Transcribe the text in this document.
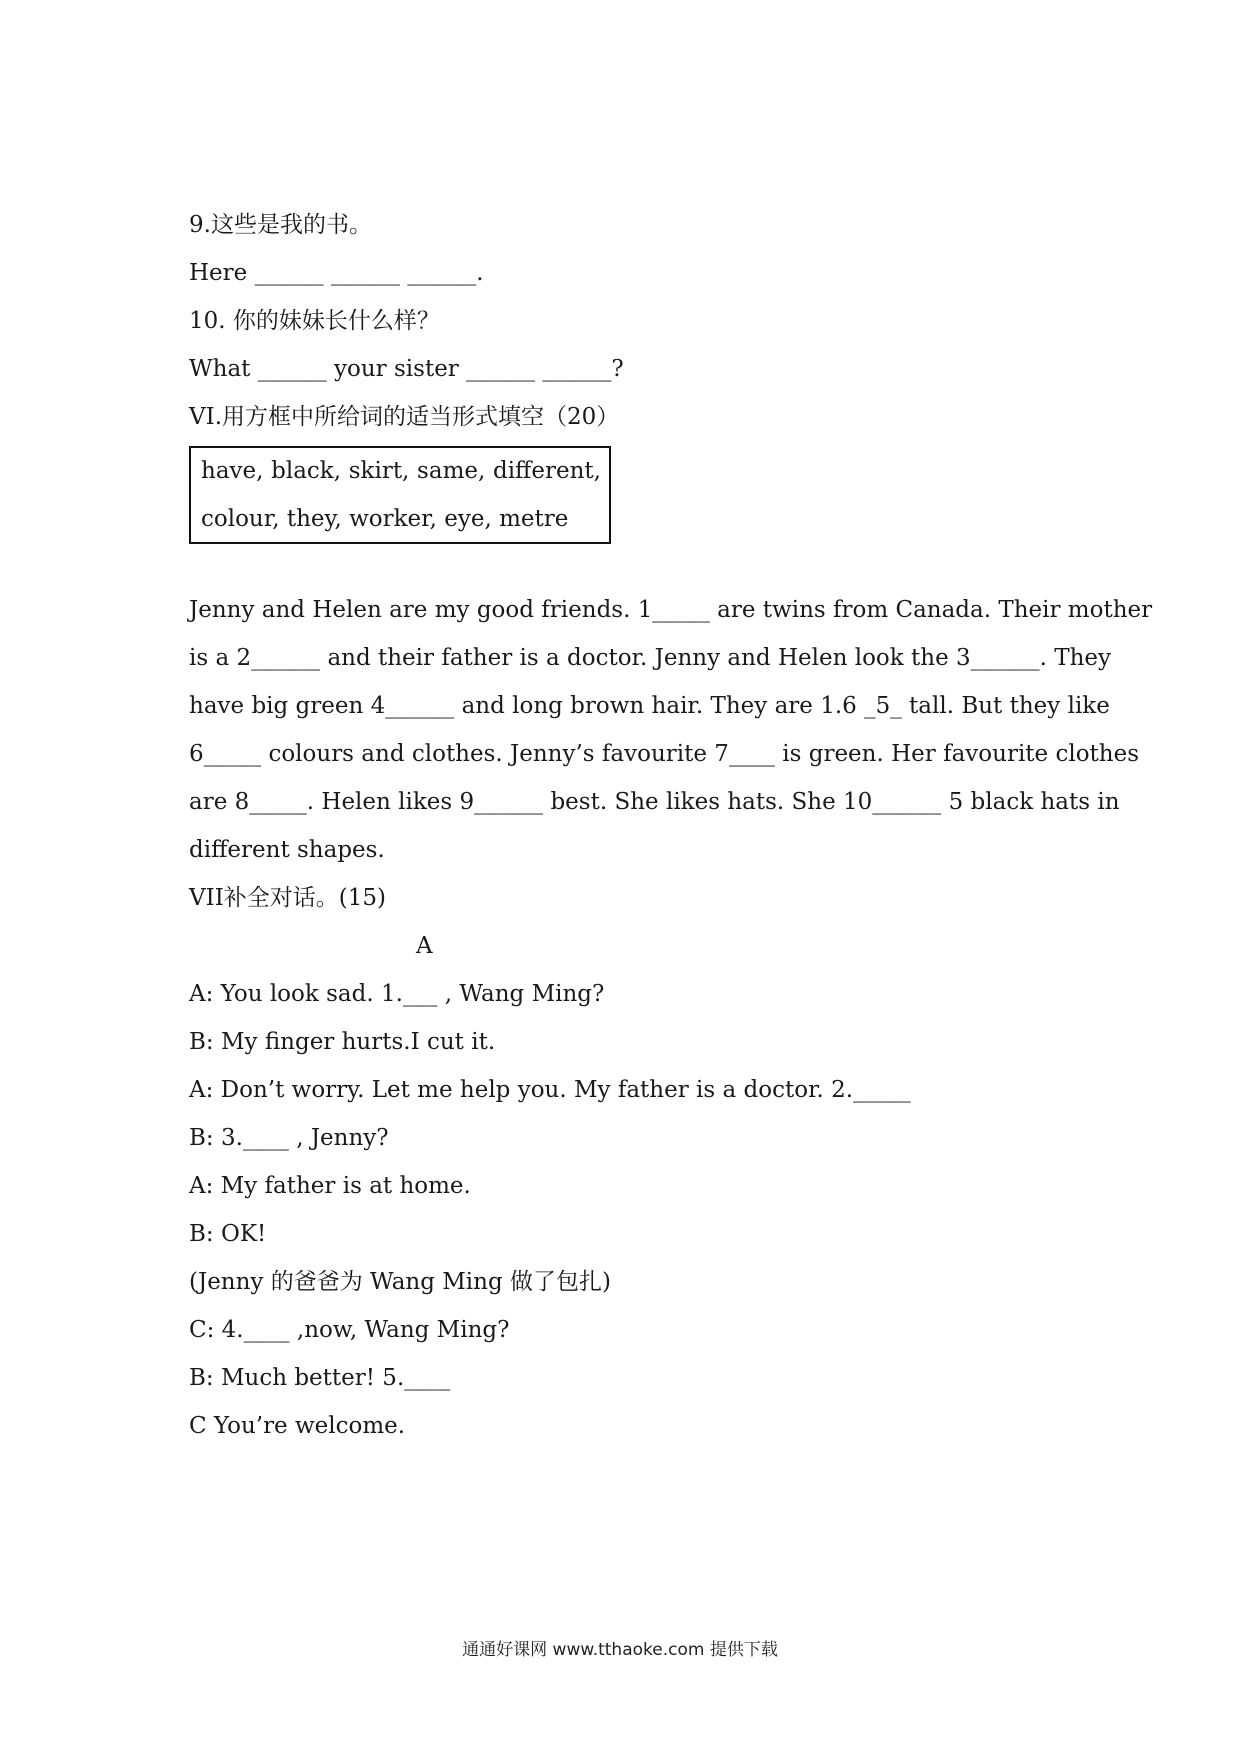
9.这些是我的书。
Here ______ ______ ______.
10. 你的妹妹长什么样？
What ______ your sister ______ ______?
VI.用方框中所给词的适当形式填空（20）
have, black, skirt, same, different,
colour, they, worker, eye, metre
Jenny and Helen are my good friends. 1_____ are twins from Canada. Their mother
is a 2______ and their father is a doctor. Jenny and Helen look the 3______. They
have big green 4______ and long brown hair. They are 1.6 _5_ tall. But they like
6_____ colours and clothes. Jenny’s favourite 7____ is green. Her favourite clothes
are 8_____. Helen likes 9______ best. She likes hats. She 10______ 5 black hats in
different shapes.
VII补全对话。(15)
A
A: You look sad. 1.___ , Wang Ming?
B: My finger hurts.I cut it.
A: Don’t worry. Let me help you. My father is a doctor. 2._____
B: 3.____ , Jenny?
A: My father is at home.
B: OK!
(Jenny 的爸爸为 Wang Ming 做了包扎)
C: 4.____ ,now, Wang Ming?
B: Much better! 5.____
C You’re welcome.
通通好课网 www.tthaoke.com 提供下载
